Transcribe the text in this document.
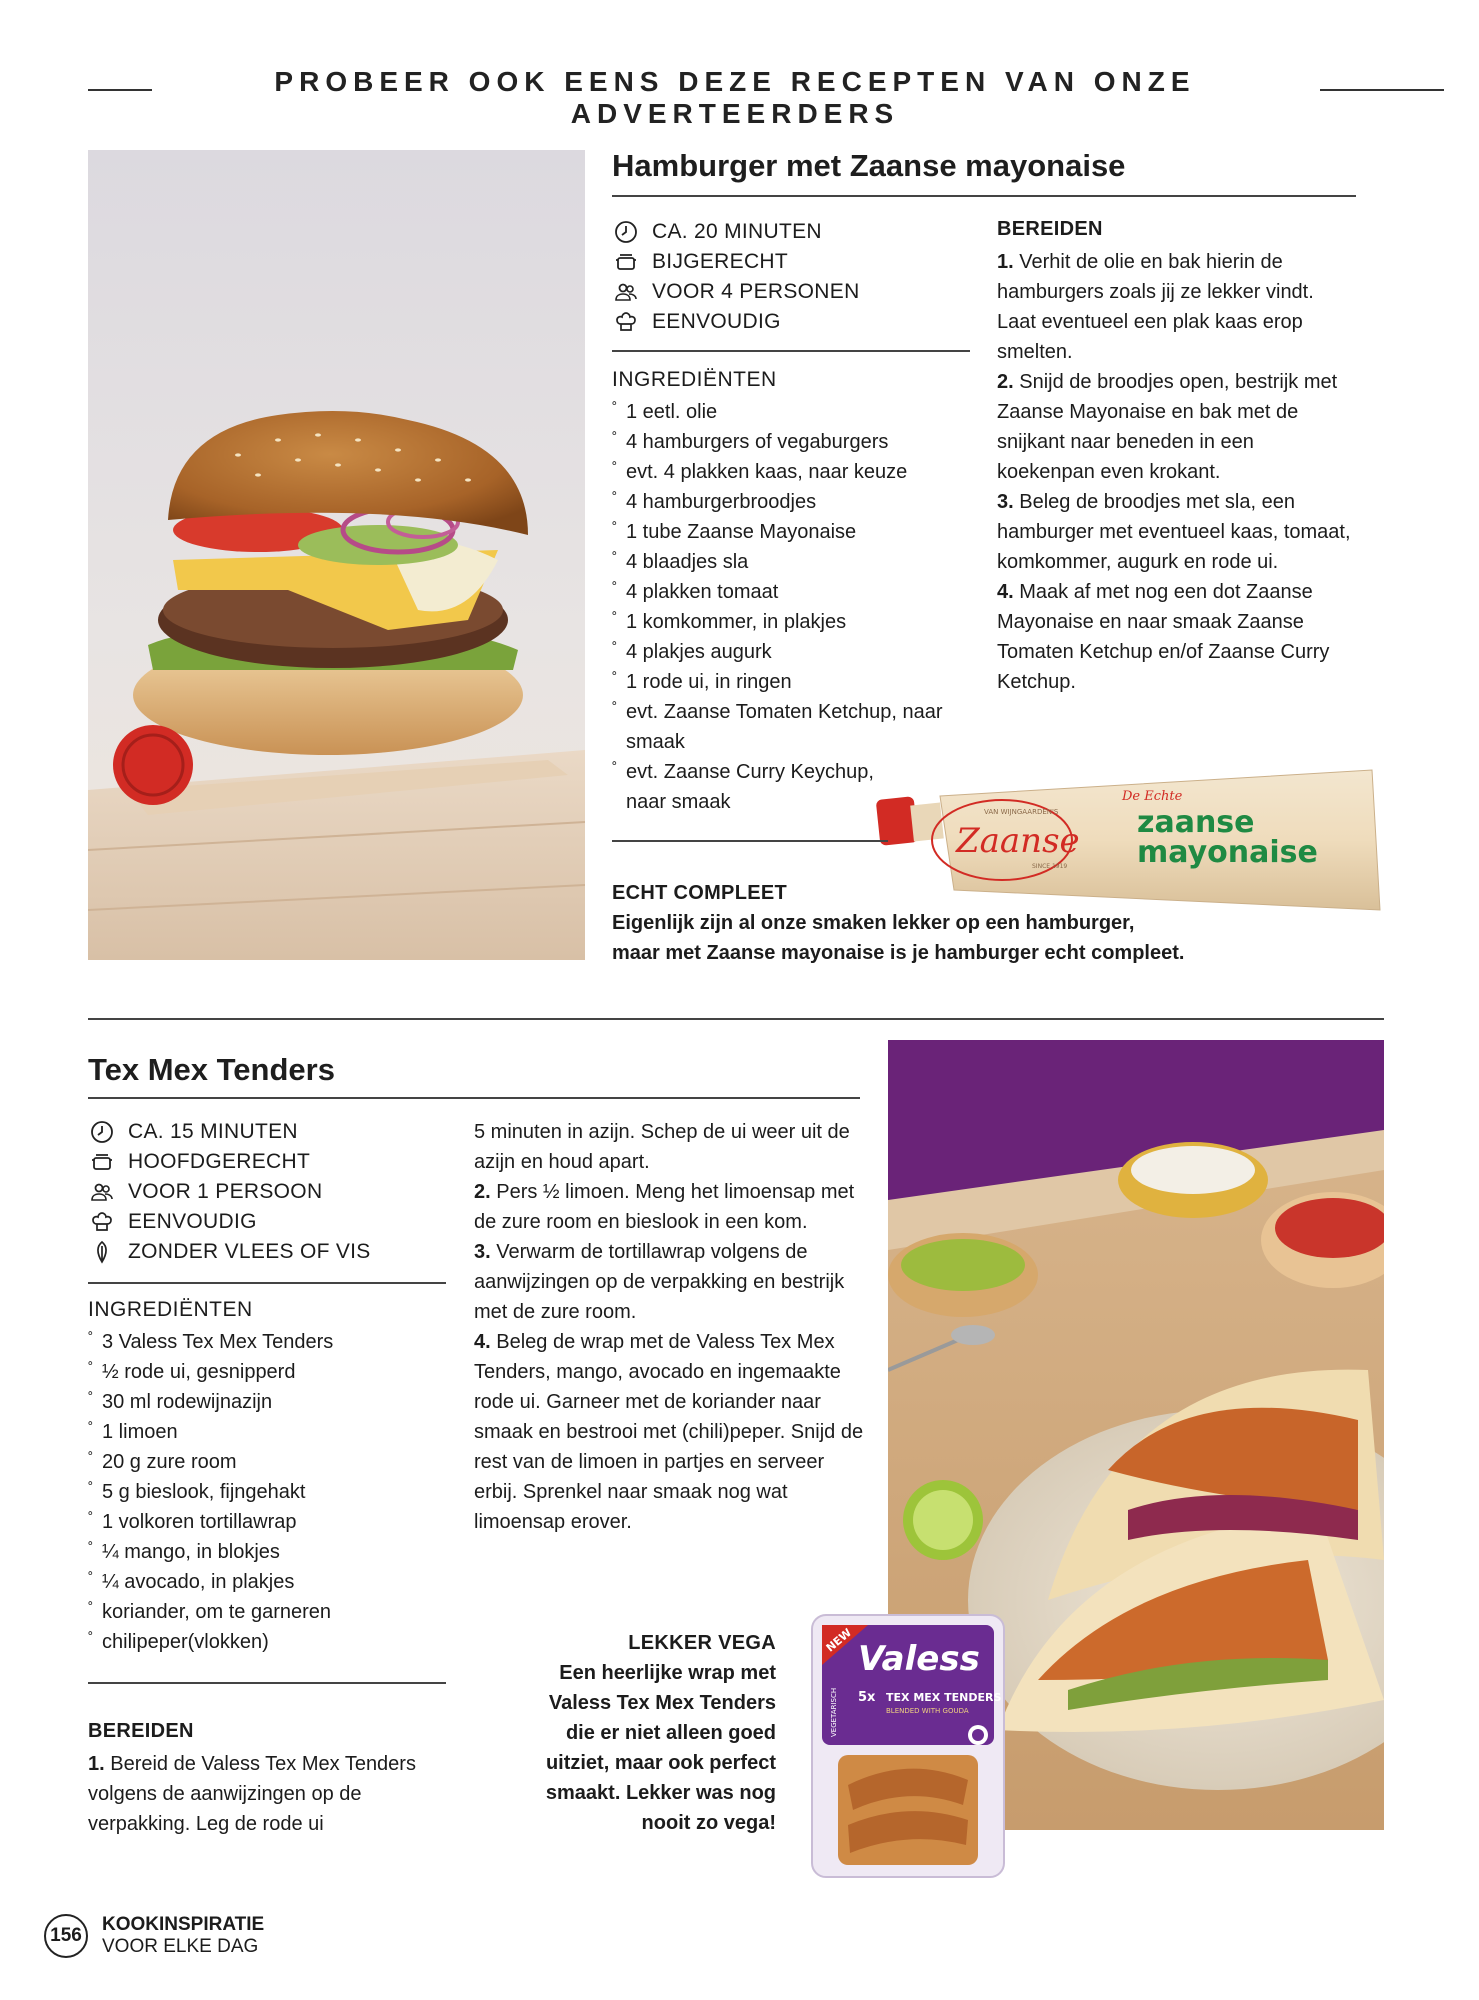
PROBEER OOK EENS DEZE RECEPTEN VAN ONZE ADVERTEERDERS
Hamburger met Zaanse mayonaise
CA. 20 MINUTEN
BIJGERECHT
VOOR 4 PERSONEN
EENVOUDIG
INGREDIËNTEN
˚ 1 eetl. olie
˚ 4 hamburgers of vegaburgers
˚ evt. 4 plakken kaas, naar keuze
˚ 4 hamburgerbroodjes
˚ 1 tube Zaanse Mayonaise
˚ 4 blaadjes sla
˚ 4 plakken tomaat
˚ 1 komkommer, in plakjes
˚ 4 plakjes augurk
˚ 1 rode ui, in ringen
˚ evt. Zaanse Tomaten Ketchup, naar smaak
˚ evt. Zaanse Curry Keychup, naar smaak
BEREIDEN
1. Verhit de olie en bak hierin de hamburgers zoals jij ze lekker vindt. Laat eventueel een plak kaas erop smelten.
2. Snijd de broodjes open, bestrijk met Zaanse Mayonaise en bak met de snijkant naar beneden in een koekenpan even krokant.
3. Beleg de broodjes met sla, een hamburger met eventueel kaas, tomaat, komkommer, augurk en rode ui.
4. Maak af met nog een dot Zaanse Mayonaise en naar smaak Zaanse Tomaten Ketchup en/of Zaanse Curry Ketchup.
Zaanse
VAN WIJNGAARDEN'S
SINCE 1919
De Echte
zaanse
mayonaise
ECHT COMPLEET
Eigenlijk zijn al onze smaken lekker op een hamburger,
maar met Zaanse mayonaise is je hamburger echt compleet.
Tex Mex Tenders
CA. 15 MINUTEN
HOOFDGERECHT
VOOR 1 PERSOON
EENVOUDIG
ZONDER VLEES OF VIS
INGREDIËNTEN
˚ 3 Valess Tex Mex Tenders
˚ ½ rode ui, gesnipperd
˚ 30 ml rodewijnazijn
˚ 1 limoen
˚ 20 g zure room
˚ 5 g bieslook, fijngehakt
˚ 1 volkoren tortillawrap
˚ ¼ mango, in blokjes
˚ ¼ avocado, in plakjes
˚ koriander, om te garneren
˚ chilipeper(vlokken)
BEREIDEN
1. Bereid de Valess Tex Mex Tenders volgens de aanwijzingen op de verpakking. Leg de rode ui
5 minuten in azijn. Schep de ui weer uit de azijn en houd apart.
2. Pers ½ limoen. Meng het limoensap met de zure room en bieslook in een kom.
3. Verwarm de tortillawrap volgens de aanwijzingen op de verpakking en bestrijk met de zure room.
4. Beleg de wrap met de Valess Tex Mex Tenders, mango, avocado en ingemaakte rode ui. Garneer met de koriander naar smaak en bestrooi met (chili)peper. Snijd de rest van de limoen in partjes en serveer erbij. Sprenkel naar smaak nog wat limoensap erover.
LEKKER VEGA
Een heerlijke wrap met
Valess Tex Mex Tenders
die er niet alleen goed
uitziet, maar ook perfect
smaakt. Lekker was nog
nooit zo vega!
NEW Valess
5x TEX MEX TENDERS
BLENDED WITH GOUDA
VEGETARISCH
156
KOOKINSPIRATIE
VOOR ELKE DAG
